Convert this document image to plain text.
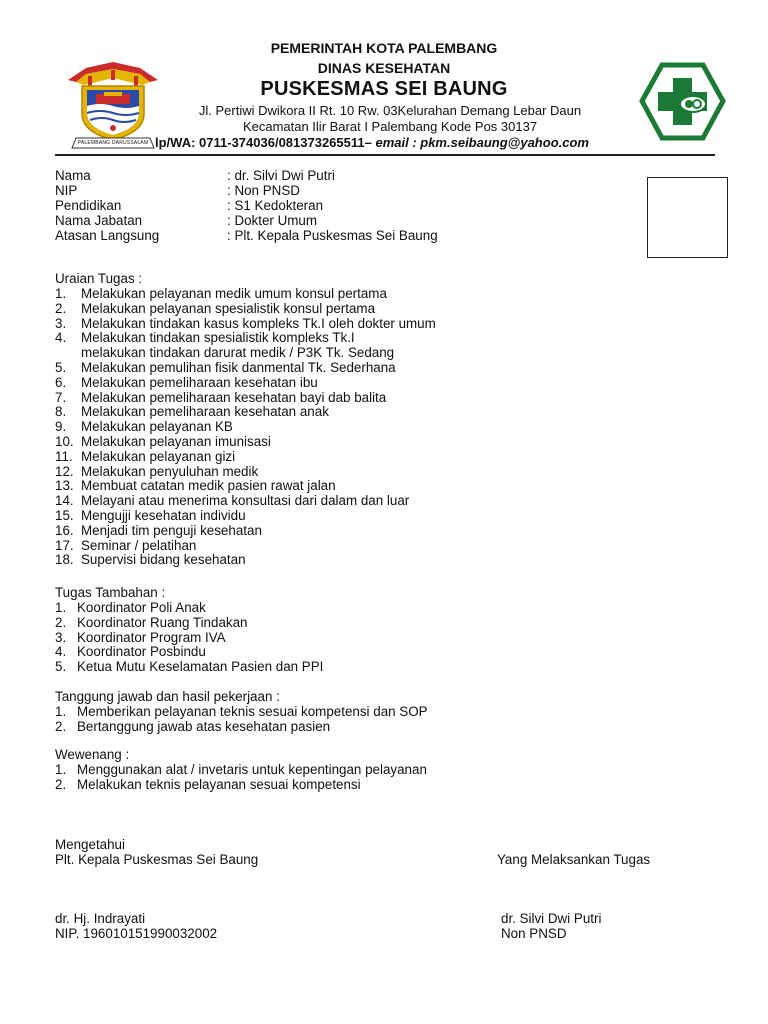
PALEMBANG DARUSSALAM
PEMERINTAH KOTA PALEMBANG
DINAS KESEHATAN
PUSKESMAS SEI BAUNG
Jl. Pertiwi Dwikora II Rt. 10 Rw. 03Kelurahan Demang Lebar Daun
Kecamatan Ilir Barat I Palembang Kode Pos 30137
lp/WA: 0711-374036/081373265511– email : pkm.seibaung@yahoo.com
Nama	: dr. Silvi Dwi Putri
NIP	: Non PNSD
Pendidikan	: S1 Kedokteran
Nama Jabatan	: Dokter Umum
Atasan Langsung	: Plt. Kepala Puskesmas Sei Baung
Uraian Tugas :
1.	Melakukan pelayanan medik umum konsul pertama
2.	Melakukan pelayanan spesialistik konsul pertama
3.	Melakukan tindakan kasus kompleks Tk.I oleh dokter umum
4.	Melakukan tindakan spesialistik kompleks Tk.I
melakukan tindakan darurat medik / P3K Tk. Sedang
5.	Melakukan pemulihan fisik danmental Tk. Sederhana
6.	Melakukan pemeliharaan kesehatan ibu
7.	Melakukan pemeliharaan kesehatan bayi dab balita
8.	Melakukan pemeliharaan kesehatan anak
9.	Melakukan pelayanan KB
10. Melakukan pelayanan imunisasi
11. Melakukan pelayanan gizi
12. Melakukan penyuluhan medik
13. Membuat catatan medik pasien rawat jalan
14. Melayani atau menerima konsultasi dari dalam dan luar
15. Mengujji kesehatan individu
16. Menjadi tim penguji kesehatan
17. Seminar / pelatihan
18. Supervisi bidang kesehatan
Tugas Tambahan :
1. Koordinator Poli Anak
2. Koordinator Ruang Tindakan
3. Koordinator Program IVA
4. Koordinator Posbindu
5. Ketua Mutu Keselamatan Pasien dan PPI
Tanggung jawab dan hasil pekerjaan :
1. Memberikan pelayanan teknis sesuai kompetensi dan SOP
2. Bertanggung jawab atas kesehatan pasien
Wewenang :
1. Menggunakan alat / invetaris untuk kepentingan pelayanan
2. Melakukan teknis pelayanan sesuai kompetensi
Mengetahui
Plt. Kepala Puskesmas Sei Baung	Yang Melaksankan Tugas
dr. Hj. Indrayati
NIP. 196010151990032002
dr. Silvi Dwi Putri
Non PNSD
